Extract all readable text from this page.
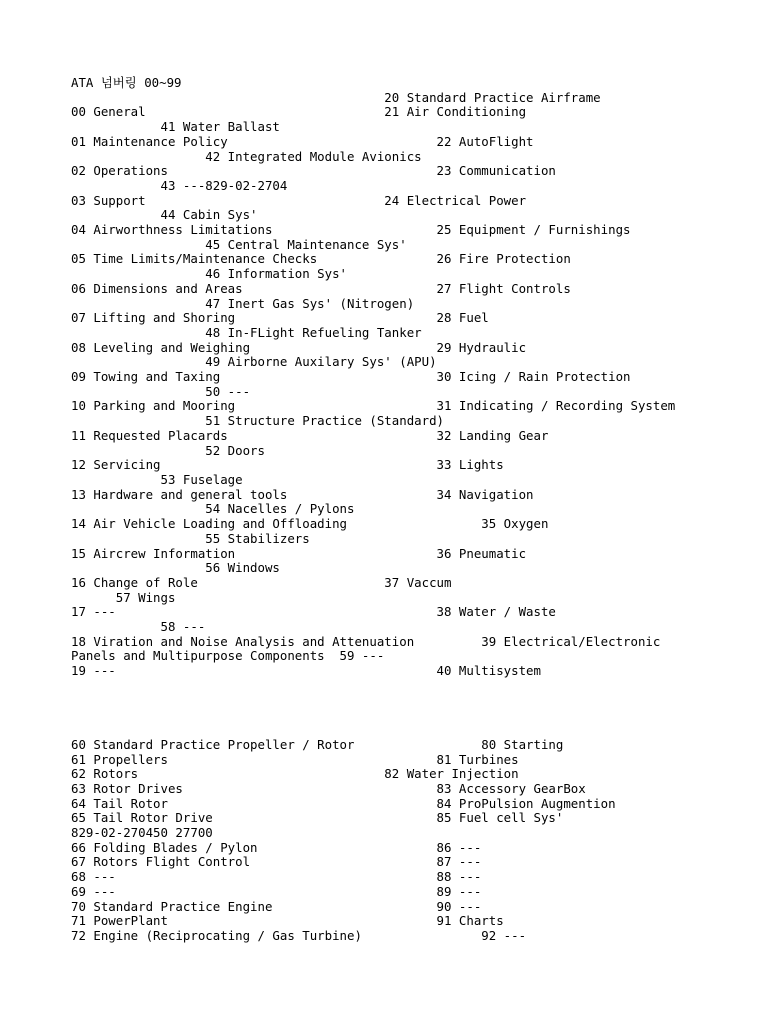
ATA 넘버링 00~99
20 Standard Practice Airframe
00 General                                21 Air Conditioning
41 Water Ballast
01 Maintenance Policy                            22 AutoFlight
42 Integrated Module Avionics
02 Operations                                    23 Communication
43 ---829-02-2704
03 Support                                24 Electrical Power
44 Cabin Sys'
04 Airworthness Limitations                      25 Equipment / Furnishings
45 Central Maintenance Sys'
05 Time Limits/Maintenance Checks                26 Fire Protection
46 Information Sys'
06 Dimensions and Areas                          27 Flight Controls
47 Inert Gas Sys' (Nitrogen)
07 Lifting and Shoring                           28 Fuel
48 In-FLight Refueling Tanker
08 Leveling and Weighing                         29 Hydraulic
49 Airborne Auxilary Sys' (APU)
09 Towing and Taxing                             30 Icing / Rain Protection
50 ---
10 Parking and Mooring                           31 Indicating / Recording System
51 Structure Practice (Standard)
11 Requested Placards                            32 Landing Gear
52 Doors
12 Servicing                                     33 Lights
53 Fuselage
13 Hardware and general tools                    34 Navigation
54 Nacelles / Pylons
14 Air Vehicle Loading and Offloading                  35 Oxygen
55 Stabilizers
15 Aircrew Information                           36 Pneumatic
56 Windows
16 Change of Role                         37 Vaccum
57 Wings
17 ---                                           38 Water / Waste
58 ---
18 Viration and Noise Analysis and Attenuation         39 Electrical/Electronic
Panels and Multipurpose Components  59 ---
19 ---                                           40 Multisystem
60 Standard Practice Propeller / Rotor                 80 Starting
61 Propellers                                    81 Turbines
62 Rotors                                 82 Water Injection
63 Rotor Drives                                  83 Accessory GearBox
64 Tail Rotor                                    84 ProPulsion Augmention
65 Tail Rotor Drive                              85 Fuel cell Sys'
829-02-270450 27700
66 Folding Blades / Pylon                        86 ---
67 Rotors Flight Control                         87 ---
68 ---                                           88 ---
69 ---                                           89 ---
70 Standard Practice Engine                      90 ---
71 PowerPlant                                    91 Charts
72 Engine (Reciprocating / Gas Turbine)                92 ---
